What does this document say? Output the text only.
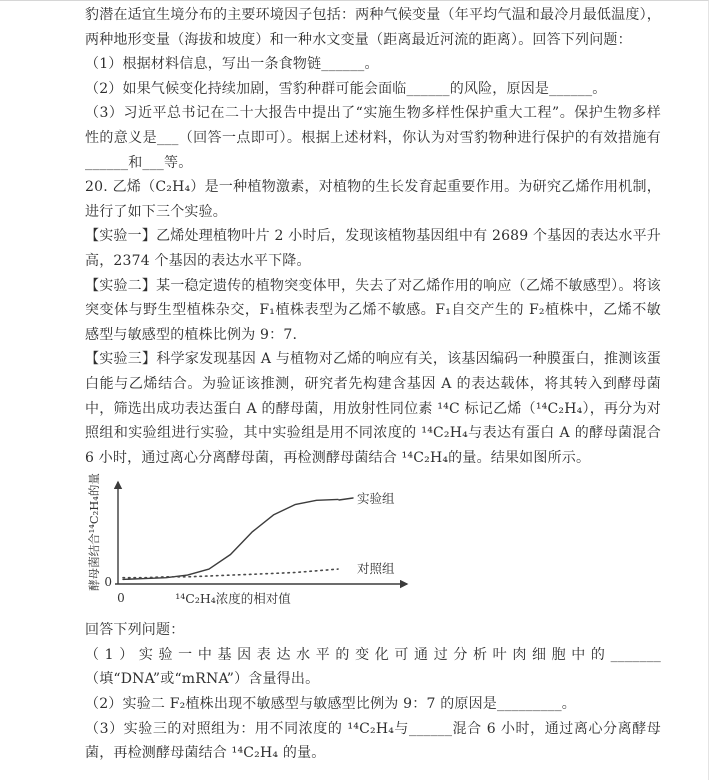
豹潜在适宜生境分布的主要环境因子包括：两种气候变量（年平均气温和最冷月最低温度），两种地形变量（海拔和坡度）和一种水文变量（距离最近河流的距离）。回答下列问题：

（1）根据材料信息，写出一条食物链______。

（2）如果气候变化持续加剧，雪豹种群可能会面临______的风险，原因是______。

（3）习近平总书记在二十大报告中提出了“实施生物多样性保护重大工程”。保护生物多样性的意义是___（回答一点即可）。根据上述材料，你认为对雪豹物种进行保护的有效措施有______和___等。

20. 乙烯（C₂H₄）是一种植物激素，对植物的生长发育起重要作用。为研究乙烯作用机制，进行了如下三个实验。

【实验一】乙烯处理植物叶片 2 小时后，发现该植物基因组中有 2689 个基因的表达水平升高，2374 个基因的表达水平下降。

【实验二】某一稳定遗传的植物突变体甲，失去了对乙烯作用的响应（乙烯不敏感型）。将该突变体与野生型植株杂交，F₁植株表型为乙烯不敏感。F₁自交产生的 F₂植株中，乙烯不敏感型与敏感型的植株比例为 9：7.

【实验三】科学家发现基因 A 与植物对乙烯的响应有关，该基因编码一种膜蛋白，推测该蛋白能与乙烯结合。为验证该推测，研究者先构建含基因 A 的表达载体，将其转入到酵母菌中，筛选出成功表达蛋白 A 的酵母菌，用放射性同位素 ¹⁴C 标记乙烯（¹⁴C₂H₄），再分为对照组和实验组进行实验，其中实验组是用不同浓度的 ¹⁴C₂H₄与表达有蛋白 A 的酵母菌混合 6 小时，通过离心分离酵母菌，再检测酵母菌结合 ¹⁴C₂H₄的量。结果如图所示。

酵母菌结合¹⁴C₂H₄的量 0
0	¹⁴C₂H₄浓度的相对值
实验组
对照组

回答下列问题：

（1）实验一中基因表达水平的变化可通过分析叶肉细胞中的_______（填“DNA”或“mRNA”）含量得出。

（2）实验二 F₂植株出现不敏感型与敏感型比例为 9：7 的原因是_________。

（3）实验三的对照组为：用不同浓度的 ¹⁴C₂H₄与______混合 6 小时，通过离心分离酵母菌，再检测酵母菌结合 ¹⁴C₂H₄ 的量。
